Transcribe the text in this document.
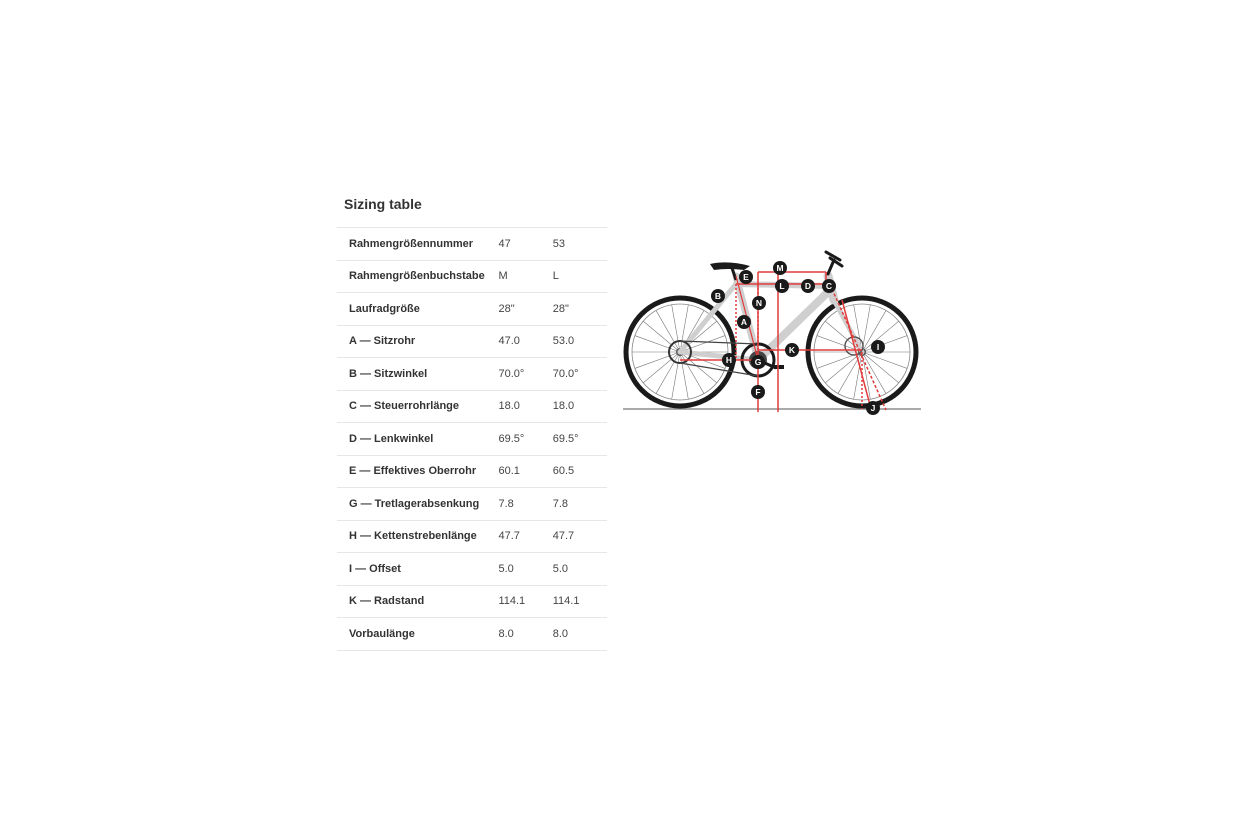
Sizing table
Rahmengrößennummer	47	53
Rahmengrößenbuchstabe	M	L
Laufradgröße	28"	28"
A — Sitzrohr	47.0	53.0
B — Sitzwinkel	70.0°	70.0°
C — Steuerrohrlänge	18.0	18.0
D — Lenkwinkel	69.5°	69.5°
E — Effektives Oberrohr	60.1	60.5
G — Tretlagerabsenkung	7.8	7.8
H — Kettenstrebenlänge	47.7	47.7
I — Offset	5.0	5.0
K — Radstand	114.1	114.1
Vorbaulänge	8.0	8.0
A
B
C
D
E
F
G
H
I
J
K
L
M
N
